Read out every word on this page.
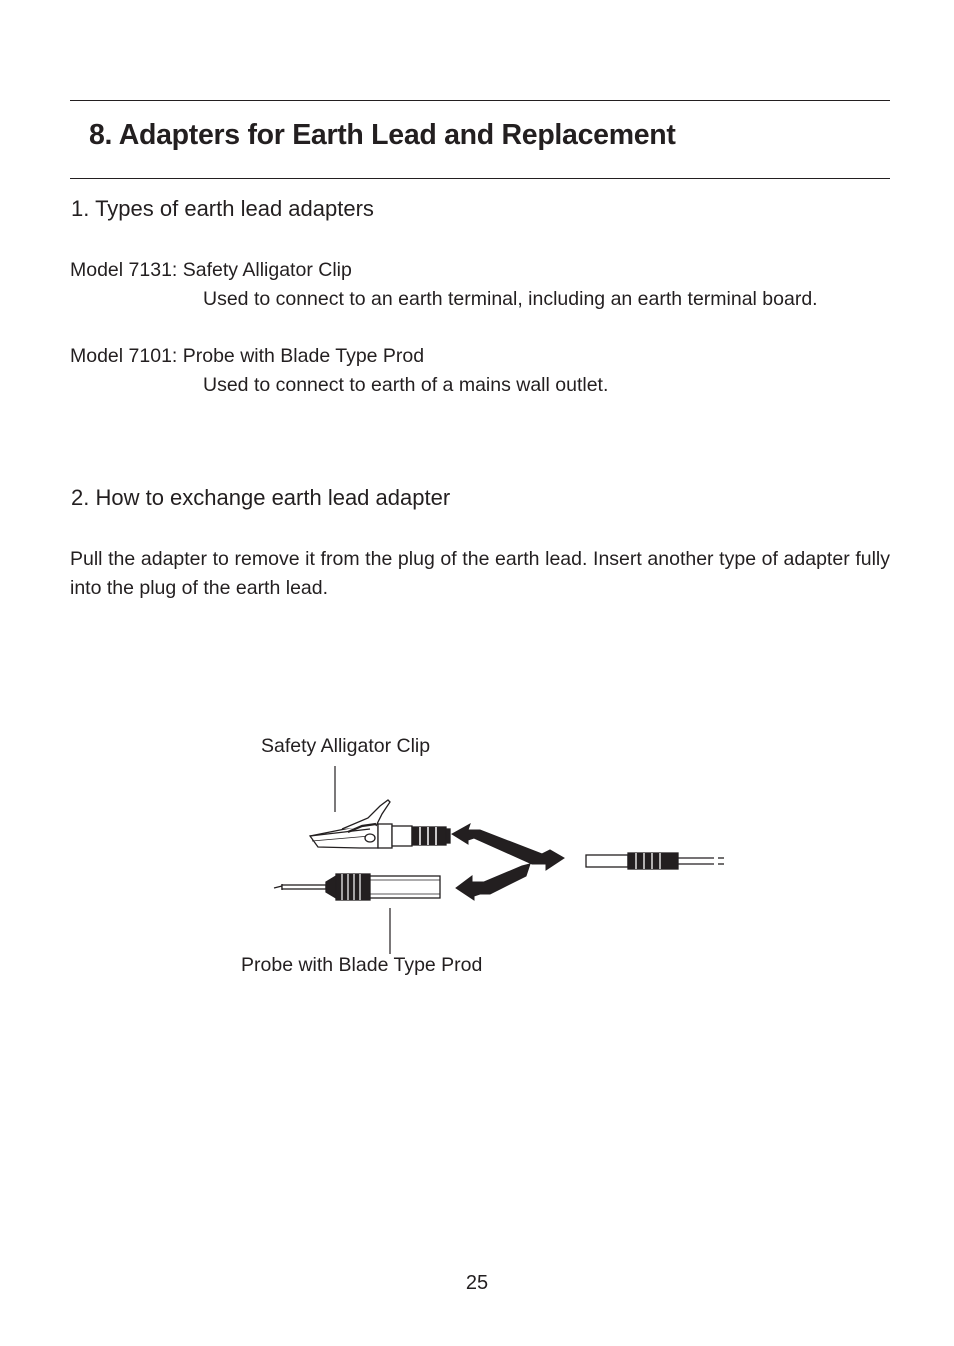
8. Adapters for Earth Lead and Replacement
1. Types of earth lead adapters
Model 7131: Safety Alligator Clip
Used to connect to an earth terminal, including an earth terminal board.
Model 7101: Probe with Blade Type Prod
Used to connect to earth of a mains wall outlet.
2. How to exchange earth lead adapter

Pull the adapter to remove it from the plug of the earth lead. Insert another type of adapter fully into the plug of the earth lead.

Safety Alligator Clip
Probe with Blade Type Prod
25
